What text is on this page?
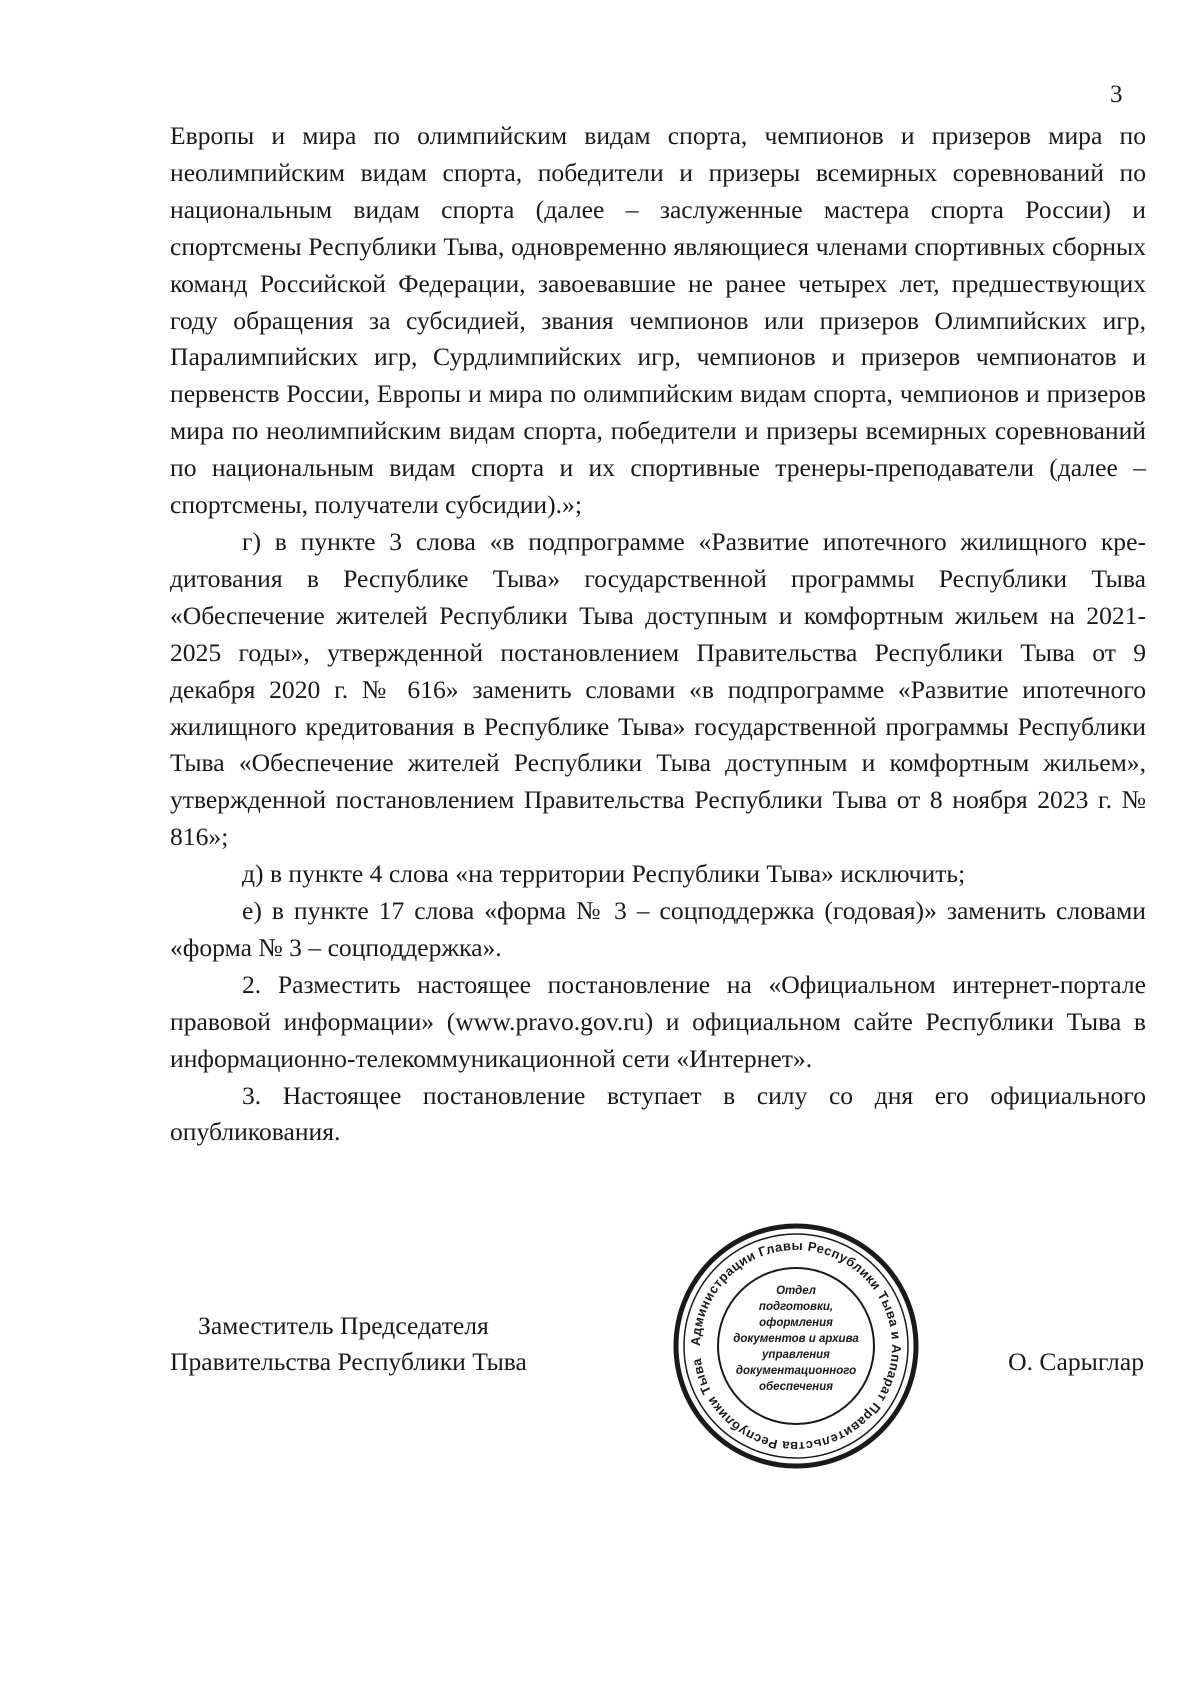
3

Европы и мира по олимпийским видам спорта, чемпионов и призеров мира по неолимпийским видам спорта, победители и призеры всемирных соревнований по национальным видам спорта (далее – заслуженные мастера спорта России) и спортсмены Республики Тыва, одновременно являющиеся членами спортивных сборных команд Российской Федерации, завоевавшие не ранее четырех лет, предшествующих году обращения за субсидией, звания чемпионов или призеров Олимпийских игр, Паралимпийских игр, Сурдлимпийских игр, чемпионов и призеров чемпионатов и первенств России, Европы и мира по олимпийским видам спорта, чемпионов и призеров мира по неолимпийским видам спорта, победители и призеры всемирных соревнований по национальным видам спорта и их спортивные тренеры-преподаватели (далее – спортсмены, получатели субсидии).»;

г) в пункте 3 слова «в подпрограмме «Развитие ипотечного жилищного кредитования в Республике Тыва» государственной программы Республики Тыва «Обеспечение жителей Республики Тыва доступным и комфортным жильем на 2021-2025 годы», утвержденной постановлением Правительства Республики Тыва от 9 декабря 2020 г. № 616» заменить словами «в подпрограмме «Развитие ипотечного жилищного кредитования в Республике Тыва» государственной программы Республики Тыва «Обеспечение жителей Республики Тыва доступным и комфортным жильем», утвержденной постановлением Правительства Республики Тыва от 8 ноября 2023 г. № 816»;

д) в пункте 4 слова «на территории Республики Тыва» исключить;

е) в пункте 17 слова «форма № 3 – соцподдержка (годовая)» заменить словами «форма № 3 – соцподдержка».

2. Разместить настоящее постановление на «Официальном интернет-портале правовой информации» (www.pravo.gov.ru) и официальном сайте Республики Тыва в информационно-телекоммуникационной сети «Интернет».

3. Настоящее постановление вступает в силу со дня его официального опубликования.

Заместитель Председателя
Правительства Республики Тыва
Администрации Главы Республики Тыва и Аппарат Правительства Республики Тыва
Отдел
подготовки,
оформления
документов и архива
управления
документационного
обеспечения
О. Сарыглар
